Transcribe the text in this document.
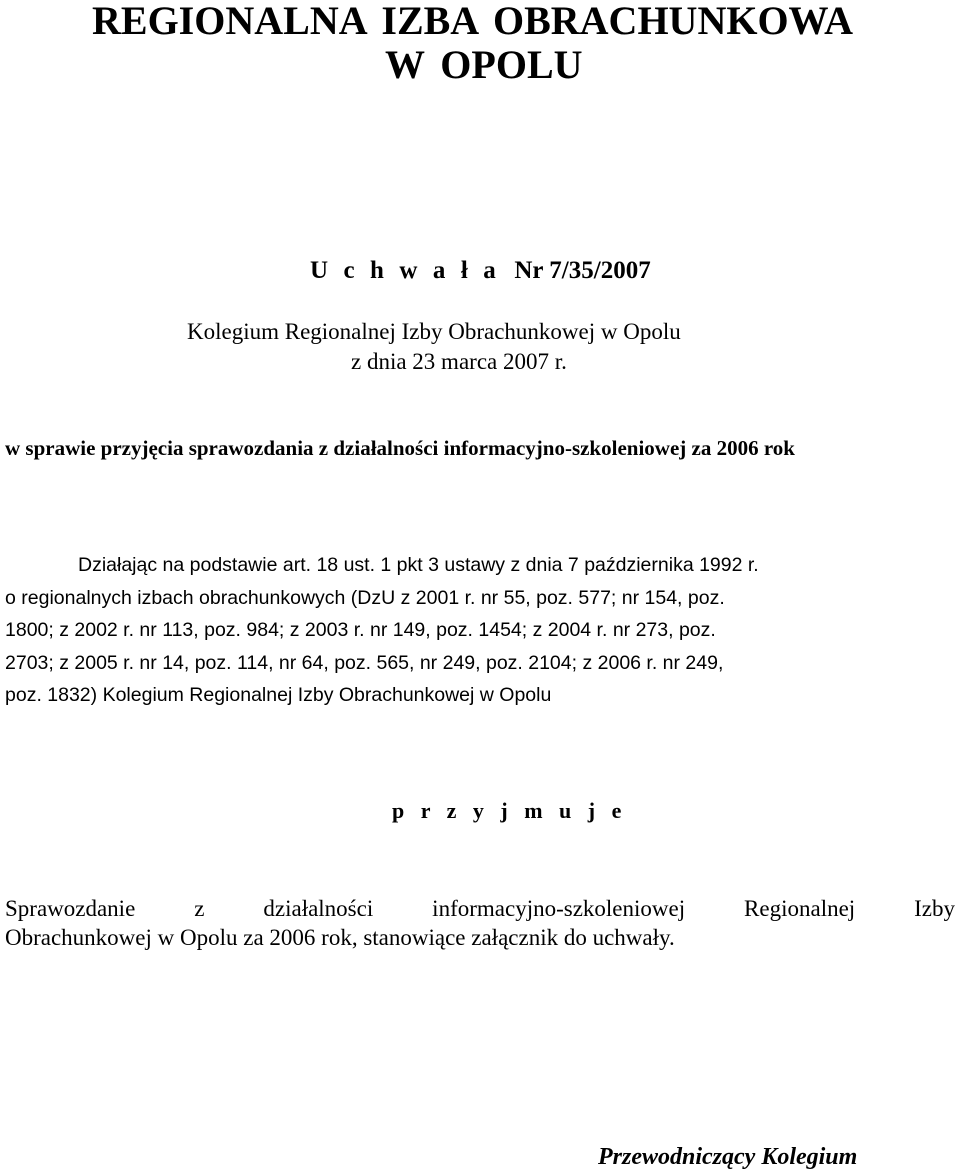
REGIONALNA IZBA OBRACHUNKOWA
W OPOLU
U c h w a ł a Nr 7/35/2007
Kolegium Regionalnej Izby Obrachunkowej w Opolu
z dnia 23 marca 2007 r.
w sprawie przyjęcia sprawozdania z działalności informacyjno-szkoleniowej za 2006 rok
Działając na podstawie art. 18 ust. 1 pkt 3 ustawy z dnia 7 października 1992 r.
o regionalnych izbach obrachunkowych (DzU z 2001 r. nr 55, poz. 577; nr 154, poz.
1800; z 2002 r. nr 113, poz. 984; z 2003 r. nr 149, poz. 1454; z 2004 r. nr 273, poz.
2703; z 2005 r. nr 14, poz. 114, nr 64, poz. 565, nr 249, poz. 2104; z 2006 r. nr 249,
poz. 1832) Kolegium Regionalnej Izby Obrachunkowej w Opolu
p r z y j m u j e
Sprawozdanie z działalności informacyjno-szkoleniowej Regionalnej Izby
Obrachunkowej w Opolu za 2006 rok, stanowiące załącznik do uchwały.
Przewodniczący Kolegium
